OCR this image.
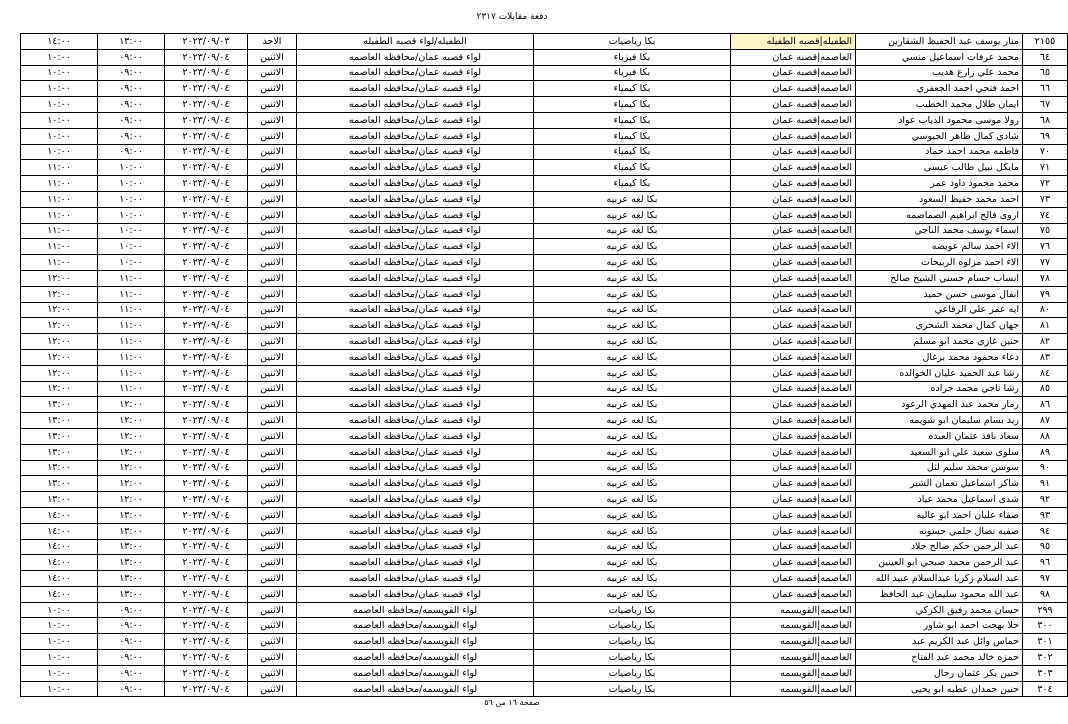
دفعة مقابلات ٢٣١٧
٢١٥٥	منار يوسف عبد الحفيظ الشقارين	الطفيله|قصبه الطفيله	بكا رياضيات	الطفيله/لواء قصبه الطفيله	الاحد	٢٠٢٣/٠٩/٠٣	١٣:٠٠	١٤:٠٠
٦٤	محمد عرفات اسماعيل منسي	العاصمه|قصبه عمان	بكا فيزياء	لواء قصبه عمان/محافظه العاصمه	الاثنين	٢٠٢٣/٠٩/٠٤	٠٩:٠٠	١٠:٠٠
٦٥	محمد علي زارع هديب	العاصمه|قصبه عمان	بكا فيزياء	لواء قصبه عمان/محافظه العاصمه	الاثنين	٢٠٢٣/٠٩/٠٤	٠٩:٠٠	١٠:٠٠
٦٦	احمد فتحي احمد الجعفري	العاصمه|قصبه عمان	بكا كيمياء	لواء قصبه عمان/محافظه العاصمه	الاثنين	٢٠٢٣/٠٩/٠٤	٠٩:٠٠	١٠:٠٠
٦٧	ايمان طلال محمد الخطيب	العاصمه|قصبه عمان	بكا كيمياء	لواء قصبه عمان/محافظه العاصمه	الاثنين	٢٠٢٣/٠٩/٠٤	٠٩:٠٠	١٠:٠٠
٦٨	رولا موسى محمود الذياب عواد	العاصمه|قصبه عمان	بكا كيمياء	لواء قصبه عمان/محافظه العاصمه	الاثنين	٢٠٢٣/٠٩/٠٤	٠٩:٠٠	١٠:٠٠
٦٩	شادي كمال ظاهر الجيوسي	العاصمه|قصبه عمان	بكا كيمياء	لواء قصبه عمان/محافظه العاصمه	الاثنين	٢٠٢٣/٠٩/٠٤	٠٩:٠٠	١٠:٠٠
٧٠	فاطمه محمد احمد حماد	العاصمه|قصبه عمان	بكا كيمياء	لواء قصبه عمان/محافظه العاصمه	الاثنين	٢٠٢٣/٠٩/٠٤	٠٩:٠٠	١٠:٠٠
٧١	مايكل نبيل طالب عيسى	العاصمه|قصبه عمان	بكا كيمياء	لواء قصبه عمان/محافظه العاصمه	الاثنين	٢٠٢٣/٠٩/٠٤	١٠:٠٠	١١:٠٠
٧٢	محمد محمود داود عمر	العاصمه|قصبه عمان	بكا كيمياء	لواء قصبه عمان/محافظه العاصمه	الاثنين	٢٠٢٣/٠٩/٠٤	١٠:٠٠	١١:٠٠
٧٣	احمد محمد حفيظ السعود	العاصمه|قصبه عمان	بكا لغه عربيه	لواء قصبه عمان/محافظه العاصمه	الاثنين	٢٠٢٣/٠٩/٠٤	١٠:٠٠	١١:٠٠
٧٤	اروى فالح ابراهيم الصماصمه	العاصمه|قصبه عمان	بكا لغه عربيه	لواء قصبه عمان/محافظه العاصمه	الاثنين	٢٠٢٣/٠٩/٠٤	١٠:٠٠	١١:٠٠
٧٥	اسماء يوسف محمد الناجي	العاصمه|قصبه عمان	بكا لغه عربيه	لواء قصبه عمان/محافظه العاصمه	الاثنين	٢٠٢٣/٠٩/٠٤	١٠:٠٠	١١:٠٠
٧٦	الاء احمد سالم عويضه	العاصمه|قصبه عمان	بكا لغه عربيه	لواء قصبه عمان/محافظه العاصمه	الاثنين	٢٠٢٣/٠٩/٠٤	١٠:٠٠	١١:٠٠
٧٧	الاء احمد مزلوه الربيحات	العاصمه|قصبه عمان	بكا لغه عربيه	لواء قصبه عمان/محافظه العاصمه	الاثنين	٢٠٢٣/٠٩/٠٤	١٠:٠٠	١١:٠٠
٧٨	انساب حسام حسني الشيخ صالح	العاصمه|قصبه عمان	بكا لغه عربيه	لواء قصبه عمان/محافظه العاصمه	الاثنين	٢٠٢٣/٠٩/٠٤	١١:٠٠	١٢:٠٠
٧٩	انفال موسى حسن حميد	العاصمه|قصبه عمان	بكا لغه عربيه	لواء قصبه عمان/محافظه العاصمه	الاثنين	٢٠٢٣/٠٩/٠٤	١١:٠٠	١٢:٠٠
٨٠	ايه عمر علي الرفاعي	العاصمه|قصبه عمان	بكا لغه عربيه	لواء قصبه عمان/محافظه العاصمه	الاثنين	٢٠٢٣/٠٩/٠٤	١١:٠٠	١٢:٠٠
٨١	جهان كمال محمد الشحري	العاصمه|قصبه عمان	بكا لغه عربيه	لواء قصبه عمان/محافظه العاصمه	الاثنين	٢٠٢٣/٠٩/٠٤	١١:٠٠	١٢:٠٠
٨٢	حنين غازي محمد ابو مسلم	العاصمه|قصبه عمان	بكا لغه عربيه	لواء قصبه عمان/محافظه العاصمه	الاثنين	٢٠٢٣/٠٩/٠٤	١١:٠٠	١٢:٠٠
٨٣	دعاء محمود محمد برغال	العاصمه|قصبه عمان	بكا لغه عربيه	لواء قصبه عمان/محافظه العاصمه	الاثنين	٢٠٢٣/٠٩/٠٤	١١:٠٠	١٢:٠٠
٨٤	رشا عبد الحميد عليان الخوالده	العاصمه|قصبه عمان	بكا لغه عربيه	لواء قصبه عمان/محافظه العاصمه	الاثنين	٢٠٢٣/٠٩/٠٤	١١:٠٠	١٢:٠٠
٨٥	رشا ناجي محمد جراده	العاصمه|قصبه عمان	بكا لغه عربيه	لواء قصبه عمان/محافظه العاصمه	الاثنين	٢٠٢٣/٠٩/٠٤	١١:٠٠	١٢:٠٠
٨٦	رماز محمد عبد المهدي الرعود	العاصمه|قصبه عمان	بكا لغه عربيه	لواء قصبه عمان/محافظه العاصمه	الاثنين	٢٠٢٣/٠٩/٠٤	١٢:٠٠	١٣:٠٠
٨٧	زيد بسام سليمان ابو شويمه	العاصمه|قصبه عمان	بكا لغه عربيه	لواء قصبه عمان/محافظه العاصمه	الاثنين	٢٠٢٣/٠٩/٠٤	١٢:٠٠	١٣:٠٠
٨٨	سعاد نافذ عثمان العبده	العاصمه|قصبه عمان	بكا لغه عربيه	لواء قصبه عمان/محافظه العاصمه	الاثنين	٢٠٢٣/٠٩/٠٤	١٢:٠٠	١٣:٠٠
٨٩	سلوى سعيد علي ابو السعيد	العاصمه|قصبه عمان	بكا لغه عربيه	لواء قصبه عمان/محافظه العاصمه	الاثنين	٢٠٢٣/٠٩/٠٤	١٢:٠٠	١٣:٠٠
٩٠	سوسن محمد سليم لثل	العاصمه|قصبه عمان	بكا لغه عربيه	لواء قصبه عمان/محافظه العاصمه	الاثنين	٢٠٢٣/٠٩/٠٤	١٢:٠٠	١٣:٠٠
٩١	شاكر اسماعيل نعمان الشبر	العاصمه|قصبه عمان	بكا لغه عربيه	لواء قصبه عمان/محافظه العاصمه	الاثنين	٢٠٢٣/٠٩/٠٤	١٢:٠٠	١٣:٠٠
٩٢	شذى اسماعيل محمد عياد	العاصمه|قصبه عمان	بكا لغه عربيه	لواء قصبه عمان/محافظه العاصمه	الاثنين	٢٠٢٣/٠٩/٠٤	١٢:٠٠	١٣:٠٠
٩٣	صفاء عليان احمد ابو عاليه	العاصمه|قصبه عمان	بكا لغه عربيه	لواء قصبه عمان/محافظه العاصمه	الاثنين	٢٠٢٣/٠٩/٠٤	١٣:٠٠	١٤:٠٠
٩٤	صفيه نضال حلمي حسونه	العاصمه|قصبه عمان	بكا لغه عربيه	لواء قصبه عمان/محافظه العاصمه	الاثنين	٢٠٢٣/٠٩/٠٤	١٣:٠٠	١٤:٠٠
٩٥	عبد الرحمن حكم صالح جلاد	العاصمه|قصبه عمان	بكا لغه عربيه	لواء قصبه عمان/محافظه العاصمه	الاثنين	٢٠٢٣/٠٩/٠٤	١٣:٠٠	١٤:٠٠
٩٦	عبد الرحمن محمد صبحي ابو العينين	العاصمه|قصبه عمان	بكا لغه عربيه	لواء قصبه عمان/محافظه العاصمه	الاثنين	٢٠٢٣/٠٩/٠٤	١٣:٠٠	١٤:٠٠
٩٧	عبد السلام زكريا عبدالسلام عبيد الله	العاصمه|قصبه عمان	بكا لغه عربيه	لواء قصبه عمان/محافظه العاصمه	الاثنين	٢٠٢٣/٠٩/٠٤	١٣:٠٠	١٤:٠٠
٩٨	عبد الله محمود سليمان عبد الحافظ	العاصمه|قصبه عمان	بكا لغه عربيه	لواء قصبه عمان/محافظه العاصمه	الاثنين	٢٠٢٣/٠٩/٠٤	١٣:٠٠	١٤:٠٠
٢٩٩	حسان محمد رفيق الكركي	العاصمه|القويسمه	بكا رياضيات	لواء القويسمه/محافظه العاصمه	الاثنين	٢٠٢٣/٠٩/٠٤	٠٩:٠٠	١٠:٠٠
٣٠٠	حلا بهجت احمد ابو شاور	العاصمه|القويسمه	بكا رياضيات	لواء القويسمه/محافظه العاصمه	الاثنين	٢٠٢٣/٠٩/٠٤	٠٩:٠٠	١٠:٠٠
٣٠١	حماس وائل عبد الكريم عبد	العاصمه|القويسمه	بكا رياضيات	لواء القويسمه/محافظه العاصمه	الاثنين	٢٠٢٣/٠٩/٠٤	٠٩:٠٠	١٠:٠٠
٣٠٢	حمزه خالد محمد عبد الفتاح	العاصمه|القويسمه	بكا رياضيات	لواء القويسمه/محافظه العاصمه	الاثنين	٢٠٢٣/٠٩/٠٤	٠٩:٠٠	١٠:٠٠
٣٠٣	حنين بكر عثمان رحال	العاصمه|القويسمه	بكا رياضيات	لواء القويسمه/محافظه العاصمه	الاثنين	٢٠٢٣/٠٩/٠٤	٠٩:٠٠	١٠:٠٠
٣٠٤	حنين حمدان عطيه ابو يحيى	العاصمه|القويسمه	بكا رياضيات	لواء القويسمه/محافظه العاصمه	الاثنين	٢٠٢٣/٠٩/٠٤	٠٩:٠٠	١٠:٠٠
صفحة ١٦ من ٥٦
